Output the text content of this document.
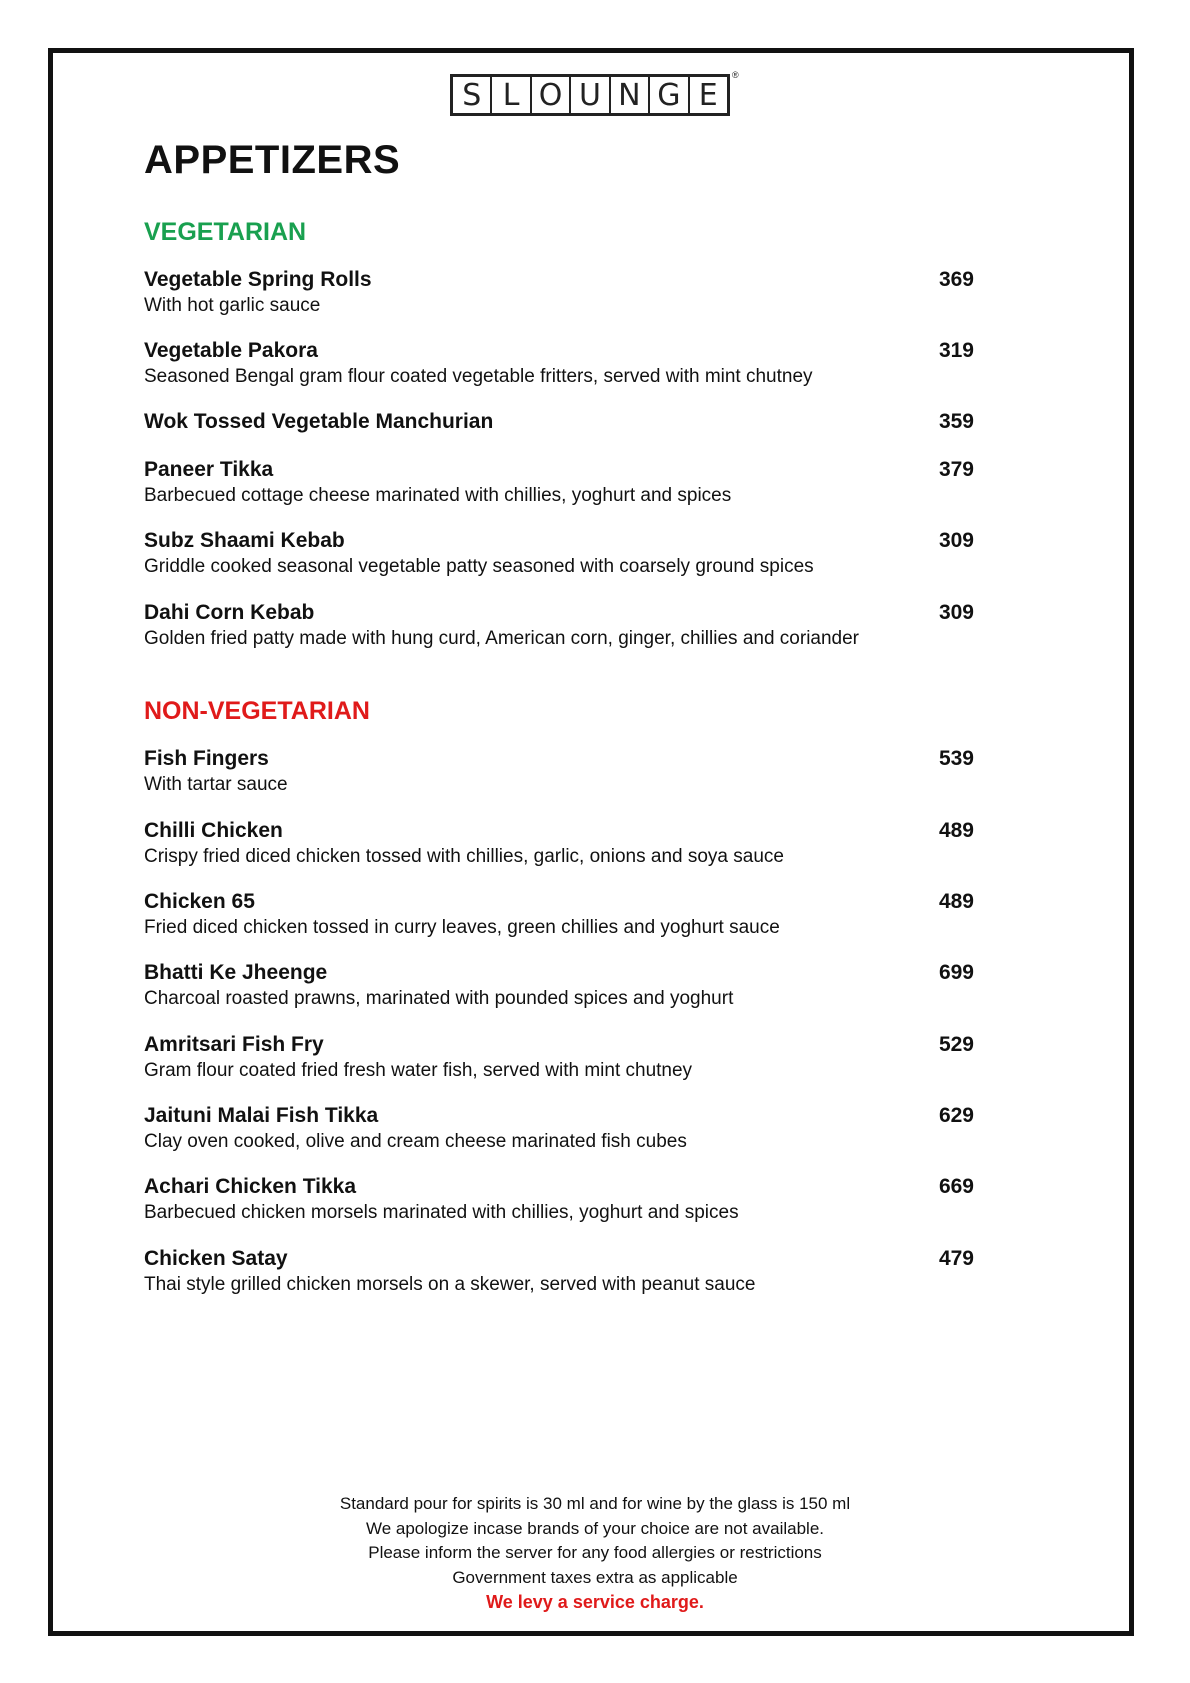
S L O U N G E
®
APPETIZERS
VEGETARIAN
Vegetable Spring Rolls
With hot garlic sauce
369
Vegetable Pakora
Seasoned Bengal gram flour coated vegetable fritters, served with mint chutney
319
Wok Tossed Vegetable Manchurian	359
Paneer Tikka
Barbecued cottage cheese marinated with chillies, yoghurt and spices
379
Subz Shaami Kebab
Griddle cooked seasonal vegetable patty seasoned with coarsely ground spices
309
Dahi Corn Kebab
Golden fried patty made with hung curd, American corn, ginger, chillies and coriander
309
NON-VEGETARIAN
Fish Fingers
With tartar sauce
539
Chilli Chicken
Crispy fried diced chicken tossed with chillies, garlic, onions and soya sauce
489
Chicken 65
Fried diced chicken tossed in curry leaves, green chillies and yoghurt sauce
489
Bhatti Ke Jheenge
Charcoal roasted prawns, marinated with pounded spices and yoghurt
699
Amritsari Fish Fry
Gram flour coated fried fresh water fish, served with mint chutney
529
Jaituni Malai Fish Tikka
Clay oven cooked, olive and cream cheese marinated fish cubes
629
Achari Chicken Tikka
Barbecued chicken morsels marinated with chillies, yoghurt and spices
669
Chicken Satay
Thai style grilled chicken morsels on a skewer, served with peanut sauce
479
Standard pour for spirits is 30 ml and for wine by the glass is 150 ml
We apologize incase brands of your choice are not available.
Please inform the server for any food allergies or restrictions
Government taxes extra as applicable
We levy a service charge.
